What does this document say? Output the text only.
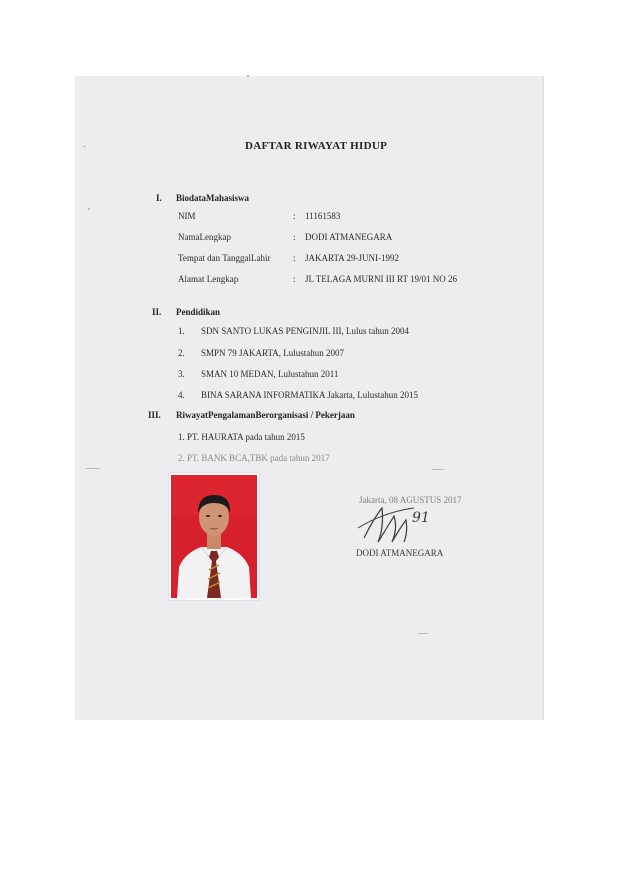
DAFTAR RIWAYAT HIDUP
I. BiodataMahasiswa
NIM	: 11161583
NamaLengkap	: DODI ATMANEGARA
Tempat dan TanggalLahir : JAKARTA 29-JUNI-1992
Alamat Lengkap	: JL TELAGA MURNI III RT 19/01 NO 26
II. Pendidikan
1. SDN SANTO LUKAS PENGINJIL III, Lulus tahun 2004
2. SMPN 79 JAKARTA, Lulustahun 2007
3. SMAN 10 MEDAN, Lulustahun 2011
4. BINA SARANA INFORMATIKA Jakarta, Lulustahun 2015
III. RiwayatPengalamanBerorganisasi / Pekerjaan
1. PT. HAURATA pada tahun 2015
2. PT. BANK BCA,TBK pada tahun 2017
Jakarta, 08 AGUSTUS 2017
91
DODI ATMANEGARA
